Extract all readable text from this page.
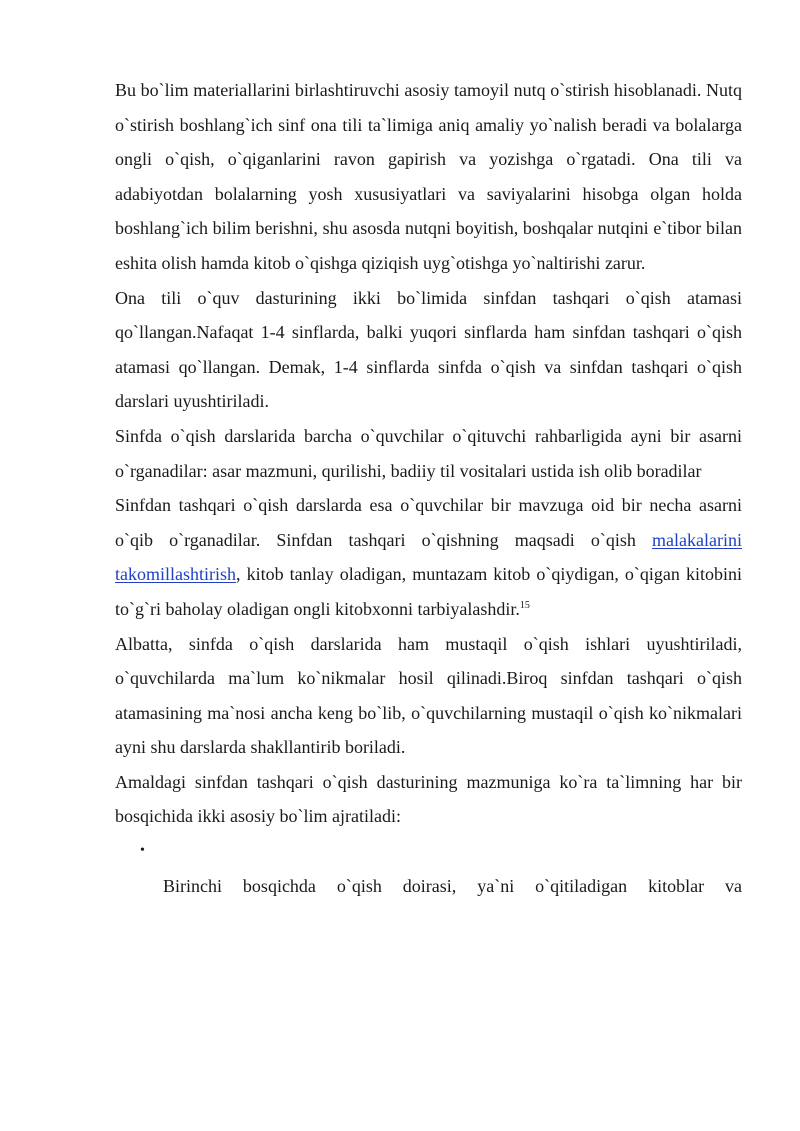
Bu bo`lim materiallarini birlashtiruvchi asosiy tamoyil nutq o`stirish hisoblanadi. Nutq o`stirish boshlang`ich sinf ona tili ta`limiga aniq amaliy yo`nalish beradi va bolalarga ongli o`qish, o`qiganlarini ravon gapirish va yozishga o`rgatadi. Ona tili va adabiyotdan bolalarning yosh xususiyatlari va saviyalarini hisobga olgan holda boshlang`ich bilim berishni, shu asosda nutqni boyitish, boshqalar nutqini e`tibor bilan eshita olish hamda kitob o`qishga qiziqish uyg`otishga yo`naltirishi zarur.

Ona tili o`quv dasturining ikki bo`limida sinfdan tashqari o`qish atamasi qo`llangan.Nafaqat 1-4 sinflarda, balki yuqori sinflarda ham sinfdan tashqari o`qish atamasi qo`llangan. Demak, 1-4 sinflarda sinfda o`qish va sinfdan tashqari o`qish darslari uyushtiriladi.

Sinfda o`qish darslarida barcha o`quvchilar o`qituvchi rahbarligida ayni bir asarni o`rganadilar: asar mazmuni, qurilishi, badiiy til vositalari ustida ish olib boradilar

Sinfdan tashqari o`qish darslarda esa o`quvchilar bir mavzuga oid bir necha asarni o`qib o`rganadilar. Sinfdan tashqari o`qishning maqsadi o`qish malakalarini takomillashtirish, kitob tanlay oladigan, muntazam kitob o`qiydigan, o`qigan kitobini to`g`ri baholay oladigan ongli kitobxonni tarbiyalashdir.$^{15}$

Albatta, sinfda o`qish darslarida ham mustaqil o`qish ishlari uyushtiriladi, o`quvchilarda ma`lum ko`nikmalar hosil qilinadi.Biroq sinfdan tashqari o`qish atamasining ma`nosi ancha keng bo`lib, o`quvchilarning mustaqil o`qish ko`nikmalari ayni shu darslarda shakllantirib boriladi.

Amaldagi sinfdan tashqari o`qish dasturining mazmuniga ko`ra ta`limning har bir bosqichida ikki asosiy bo`lim ajratiladi:

•

Birinchi bosqichda o`qish doirasi, ya`ni o`qitiladigan kitoblar va
